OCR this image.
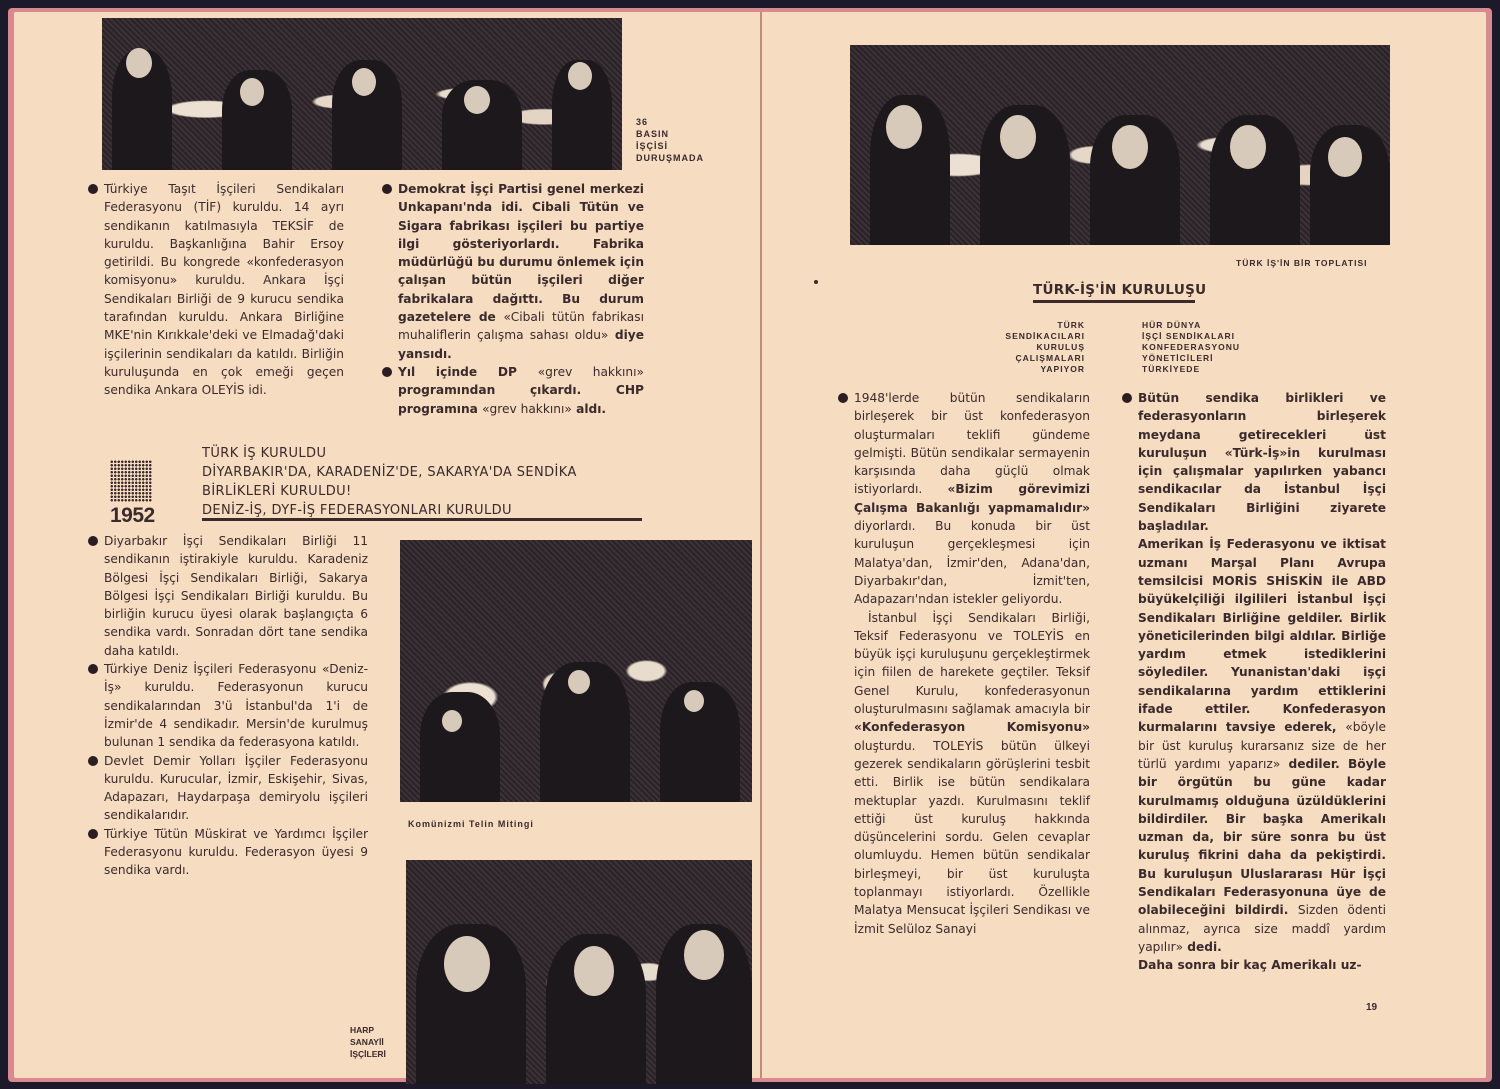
36
BASIN
İŞÇİSİ
DURUŞMADA

Türkiye Taşıt İşçileri Sendikaları Federasyonu (TİF) kuruldu. 14 ayrı sendikanın katılmasıyla TEKSİF de kuruldu. Başkanlığına Bahir Ersoy getirildi. Bu kongrede «konfederasyon komisyonu» kuruldu. Ankara İşçi Sendikaları Birliği de 9 kurucu sendika tarafından kuruldu. Ankara Birliğine MKE'nin Kırıkkale'deki ve Elmadağ'daki işçilerinin sendikaları da katıldı. Birliğin kuruluşunda en çok emeği geçen sendika Ankara OLEYİS idi.

Demokrat İşçi Partisi genel merkezi Unkapanı'nda idi. Cibali Tütün ve Sigara fabrikası işçileri bu partiye ilgi gösteriyorlardı. Fabrika müdürlüğü bu durumu önlemek için çalışan bütün işçileri diğer fabrikalara dağıttı. Bu durum gazetelere de «Cibali tütün fabrikası muhaliflerin çalışma sahası oldu» diye yansıdı.

Yıl içinde DP «grev hakkını» programından çıkardı. CHP programına «grev hakkını» aldı.

1952
TÜRK İŞ KURULDU
DİYARBAKIR'DA, KARADENİZ'DE, SAKARYA'DA SENDİKA
BİRLİKLERİ KURULDU!
DENİZ-İŞ, DYF-İŞ FEDERASYONLARI KURULDU

Diyarbakır İşçi Sendikaları Birliği 11 sendikanın iştirakiyle kuruldu. Karadeniz Bölgesi İşçi Sendikaları Birliği, Sakarya Bölgesi İşçi Sendikaları Birliği kuruldu. Bu birliğin kurucu üyesi olarak başlangıçta 6 sendika vardı. Sonradan dört tane sendika daha katıldı.

Türkiye Deniz İşçileri Federasyonu «Deniz-İş» kuruldu. Federasyonun kurucu sendikalarından 3'ü İstanbul'da 1'i de İzmir'de 4 sendikadır. Mersin'de kurulmuş bulunan 1 sendika da federasyona katıldı.

Devlet Demir Yolları İşçiler Federasyonu kuruldu. Kurucular, İzmir, Eskişehir, Sivas, Adapazarı, Haydarpaşa demiryolu işçileri sendikalarıdır.

Türkiye Tütün Müskirat ve Yardımcı İşçiler Federasyonu kuruldu. Federasyon üyesi 9 sendika vardı.

Komünizmi Telin Mitingi
HARP
SANAYİİ
İŞÇİLERİ
TÜRK İŞ'İN BİR TOPLATISI
TÜRK-İŞ'İN KURULUŞU
TÜRK
SENDİKACILARI
KURULUŞ
ÇALIŞMALARI
YAPIYOR
HÜR DÜNYA
İŞÇİ SENDİKALARI
KONFEDERASYONU
YÖNETİCİLERİ
TÜRKİYEDE

1948'lerde bütün sendikaların birleşerek bir üst konfederasyon oluşturmaları teklifi gündeme gelmişti. Bütün sendikalar sermayenin karşısında daha güçlü olmak istiyorlardı. «Bizim görevimizi Çalışma Bakanlığı yapmamalıdır» diyorlardı. Bu konuda bir üst kuruluşun gerçekleşmesi için Malatya'dan, İzmir'den, Adana'dan, Diyarbakır'dan, İzmit'ten, Adapazarı'ndan istekler geliyordu.

İstanbul İşçi Sendikaları Birliği, Teksif Federasyonu ve TOLEYİS en büyük işçi kuruluşunu gerçekleştirmek için fiilen de harekete geçtiler. Teksif Genel Kurulu, konfederasyonun oluşturulmasını sağlamak amacıyla bir «Konfederasyon Komisyonu» oluşturdu. TOLEYİS bütün ülkeyi gezerek sendikaların görüşlerini tesbit etti. Birlik ise bütün sendikalara mektuplar yazdı. Kurulmasını teklif ettiği üst kuruluş hakkında düşüncelerini sordu. Gelen cevaplar olumluydu. Hemen bütün sendikalar birleşmeyi, bir üst kuruluşta toplanmayı istiyorlardı. Özellikle Malatya Mensucat İşçileri Sendikası ve İzmit Selüloz Sanayi

Bütün sendika birlikleri ve federasyonların birleşerek meydana getirecekleri üst kuruluşun «Türk-İş»in kurulması için çalışmalar yapılırken yabancı sendikacılar da İstanbul İşçi Sendikaları Birliğini ziyarete başladılar.

Amerikan İş Federasyonu ve iktisat uzmanı Marşal Planı Avrupa temsilcisi MORİS SHİSKİN ile ABD büyükelçiliği ilgilileri İstanbul İşçi Sendikaları Birliğine geldiler. Birlik yöneticilerinden bilgi aldılar. Birliğe yardım etmek istediklerini söylediler. Yunanistan'daki işçi sendikalarına yardım ettiklerini ifade ettiler. Konfederasyon kurmalarını tavsiye ederek, «böyle bir üst kuruluş kurarsanız size de her türlü yardımı yaparız» dediler. Böyle bir örgütün bu güne kadar kurulmamış olduğuna üzüldüklerini bildirdiler. Bir başka Amerikalı uzman da, bir süre sonra bu üst kuruluş fikrini daha da pekiştirdi. Bu kuruluşun Uluslararası Hür İşçi Sendikaları Federasyonuna üye de olabileceğini bildirdi. Sizden ödenti alınmaz, ayrıca size maddî yardım yapılır» dedi.

Daha sonra bir kaç Amerikalı uz-

19
